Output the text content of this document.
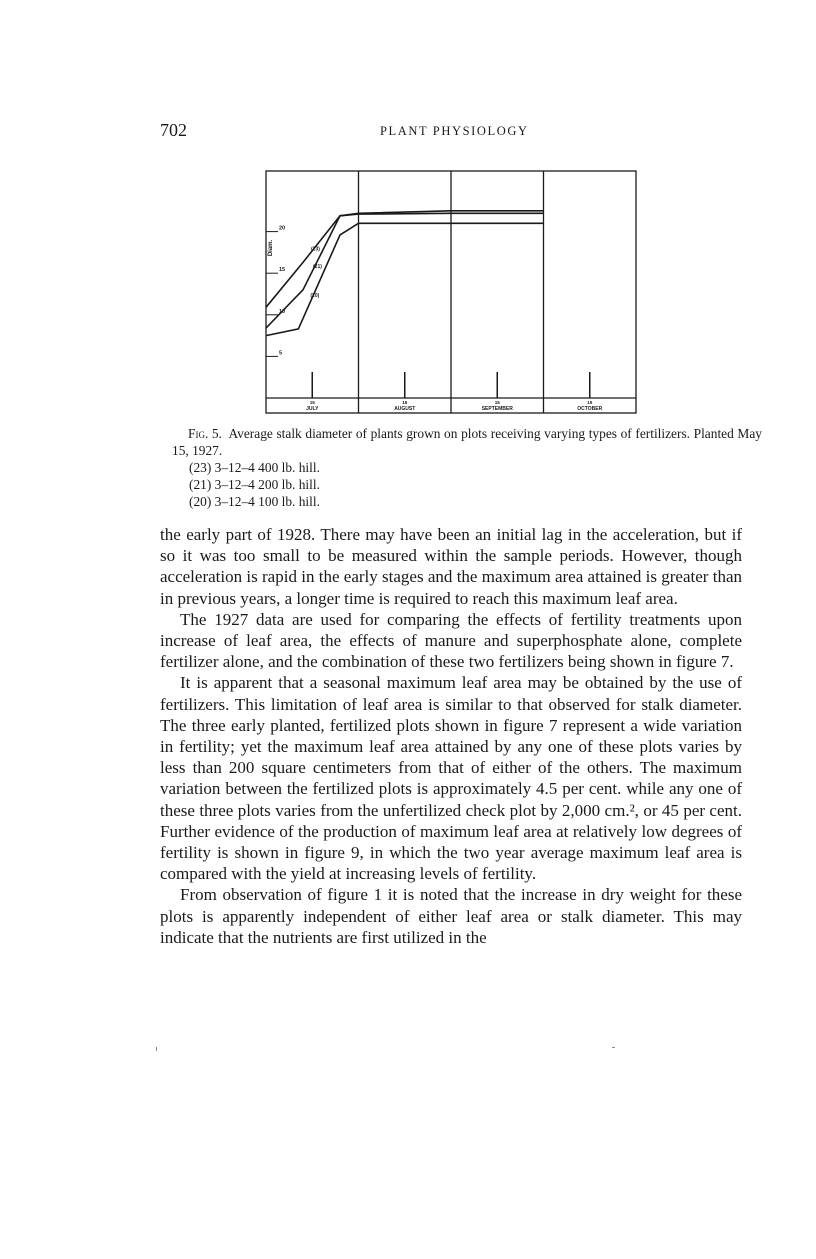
702	PLANT PHYSIOLOGY
5
10
15
20
15
JULY
15
AUGUST
15
SEPTEMBER
15
OCTOBER
(23)
(21)
(20)
Diam.
Fig. 5. Average stalk diameter of plants grown on plots receiving varying types of fertilizers. Planted May 15, 1927.
(23) 3–12–4 400 lb. hill.
(21) 3–12–4 200 lb. hill.
(20) 3–12–4 100 lb. hill.

the early part of 1928. There may have been an initial lag in the acceleration, but if so it was too small to be measured within the sample periods. However, though acceleration is rapid in the early stages and the maximum area attained is greater than in previous years, a longer time is required to reach this maximum leaf area.

The 1927 data are used for comparing the effects of fertility treatments upon increase of leaf area, the effects of manure and superphosphate alone, complete fertilizer alone, and the combination of these two fertilizers being shown in figure 7.

It is apparent that a seasonal maximum leaf area may be obtained by the use of fertilizers. This limitation of leaf area is similar to that observed for stalk diameter. The three early planted, fertilized plots shown in figure 7 represent a wide variation in fertility; yet the maximum leaf area attained by any one of these plots varies by less than 200 square centimeters from that of either of the others. The maximum variation between the fertilized plots is approximately 4.5 per cent. while any one of these three plots varies from the unfertilized check plot by 2,000 cm.², or 45 per cent. Further evidence of the production of maximum leaf area at relatively low degrees of fertility is shown in figure 9, in which the two year average maximum leaf area is compared with the yield at increasing levels of fertility.

From observation of figure 1 it is noted that the increase in dry weight for these plots is apparently independent of either leaf area or stalk diameter. This may indicate that the nutrients are first utilized in the
